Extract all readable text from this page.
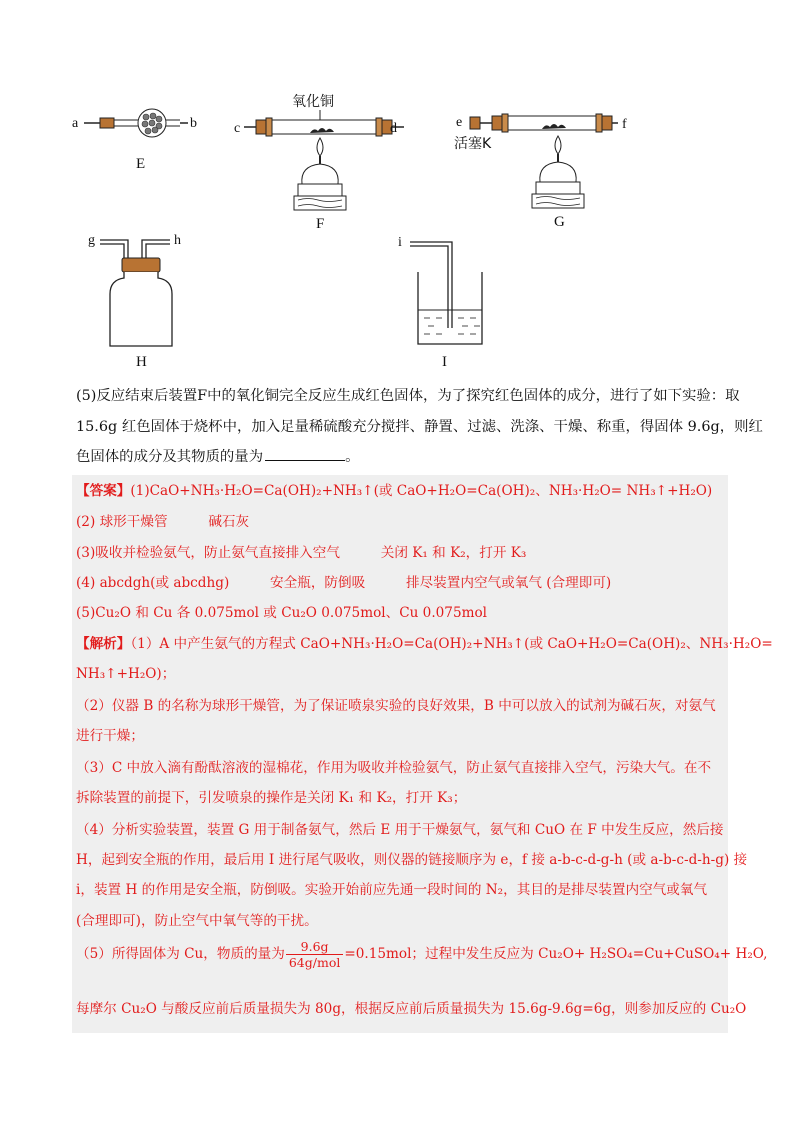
a	b
E
氧化铜
c	d
F
e
活塞K
f
G
g	h
H
i
I
(5)反应结束后装置F中的氧化铜完全反应生成红色固体，为了探究红色固体的成分，进行了如下实验：取
15.6g 红色固体于烧杯中，加入足量稀硫酸充分搅拌、静置、过滤、洗涤、干燥、称重，得固体 9.6g，则红
色固体的成分及其物质的量为	。
【答案】(1)CaO+NH₃·H₂O=Ca(OH)₂+NH₃↑(或 CaO+H₂O=Ca(OH)₂、NH₃·H₂O= NH₃↑+H₂O)
(2) 球形干燥管　　　碱石灰
(3)吸收并检验氨气，防止氨气直接排入空气　　　关闭 K₁ 和 K₂，打开 K₃
(4) abcdgh(或 abcdhg)　　　安全瓶，防倒吸　　　排尽装置内空气或氧气 (合理即可)
(5)Cu₂O 和 Cu 各 0.075mol 或 Cu₂O 0.075mol、Cu 0.075mol
【解析】（1）A 中产生氨气的方程式 CaO+NH₃·H₂O=Ca(OH)₂+NH₃↑(或 CaO+H₂O=Ca(OH)₂、NH₃·H₂O=
NH₃↑+H₂O)；
（2）仪器 B 的名称为球形干燥管，为了保证喷泉实验的良好效果，B 中可以放入的试剂为碱石灰，对氨气
进行干燥；
（3）C 中放入滴有酚酞溶液的湿棉花，作用为吸收并检验氨气，防止氨气直接排入空气，污染大气。在不
拆除装置的前提下，引发喷泉的操作是关闭 K₁ 和 K₂，打开 K₃；
（4）分析实验装置，装置 G 用于制备氨气，然后 E 用于干燥氨气，氨气和 CuO 在 F 中发生反应，然后接
H，起到安全瓶的作用，最后用 I 进行尾气吸收，则仪器的链接顺序为 e，f 接 a-b-c-d-g-h (或 a-b-c-d-h-g) 接
i，装置 H 的作用是安全瓶，防倒吸。实验开始前应先通一段时间的 N₂，其目的是排尽装置内空气或氧气
(合理即可)，防止空气中氧气等的干扰。
（5）所得固体为 Cu，物质的量为 $\frac{9.6g}{\text{64g/mol}} =0.15mol$；过程中发生反应为 Cu₂O+ H₂SO₄=Cu+CuSO₄+ H₂O,
每摩尔 Cu₂O 与酸反应前后质量损失为 80g，根据反应前后质量损失为 15.6g-9.6g=6g，则参加反应的 Cu₂O
